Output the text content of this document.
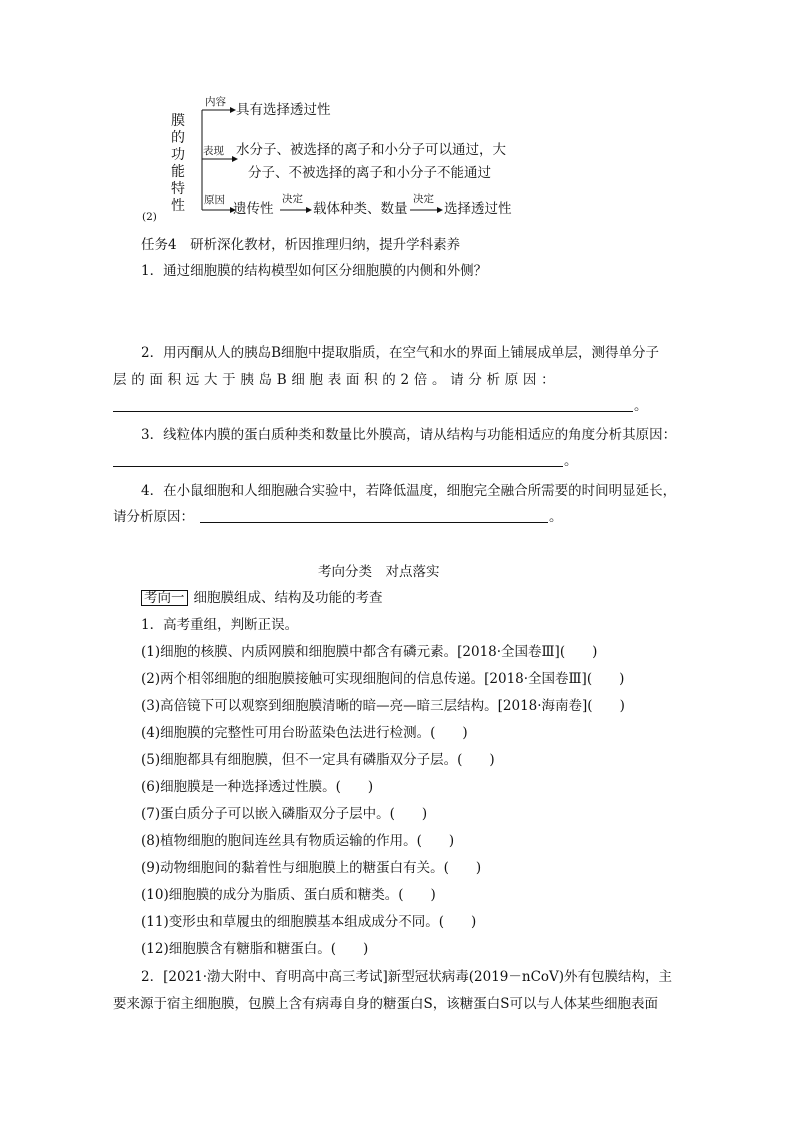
膜
的
功
能
特
性
内容
表现
原因
具有选择透过性
水分子、被选择的离子和小分子可以通过，大
分子、不被选择的离子和小分子不能通过
遗传性
决定
载体种类、数量
决定
选择透过性
(2)
任务4　研析深化教材，析因推理归纳，提升学科素养
1．通过细胞膜的结构模型如何区分细胞膜的内侧和外侧？
2．用丙酮从人的胰岛B细胞中提取脂质，在空气和水的界面上铺展成单层，测得单分子
层 的 面 积 远 大 于 胰 岛 B 细 胞 表 面 积 的 2 倍 。 请 分 析 原 因 ：
。
3．线粒体内膜的蛋白质种类和数量比外膜高，请从结构与功能相适应的角度分析其原因：
。
4．在小鼠细胞和人细胞融合实验中，若降低温度，细胞完全融合所需要的时间明显延长，
请分析原因：	。
考向分类　对点落实
考向一 细胞膜组成、结构及功能的考查
1．高考重组，判断正误。
(1)细胞的核膜、内质网膜和细胞膜中都含有磷元素。[2018·全国卷Ⅲ](　　)
(2)两个相邻细胞的细胞膜接触可实现细胞间的信息传递。[2018·全国卷Ⅲ](　　)
(3)高倍镜下可以观察到细胞膜清晰的暗—亮—暗三层结构。[2018·海南卷](　　)
(4)细胞膜的完整性可用台盼蓝染色法进行检测。(　　)
(5)细胞都具有细胞膜，但不一定具有磷脂双分子层。(　　)
(6)细胞膜是一种选择透过性膜。(　　)
(7)蛋白质分子可以嵌入磷脂双分子层中。(　　)
(8)植物细胞的胞间连丝具有物质运输的作用。(　　)
(9)动物细胞间的黏着性与细胞膜上的糖蛋白有关。(　　)
(10)细胞膜的成分为脂质、蛋白质和糖类。(　　)
(11)变形虫和草履虫的细胞膜基本组成成分不同。(　　)
(12)细胞膜含有糖脂和糖蛋白。(　　)
2．[2021·渤大附中、育明高中高三考试]新型冠状病毒(2019－nCoV)外有包膜结构，主
要来源于宿主细胞膜，包膜上含有病毒自身的糖蛋白S，该糖蛋白S可以与人体某些细胞表面
